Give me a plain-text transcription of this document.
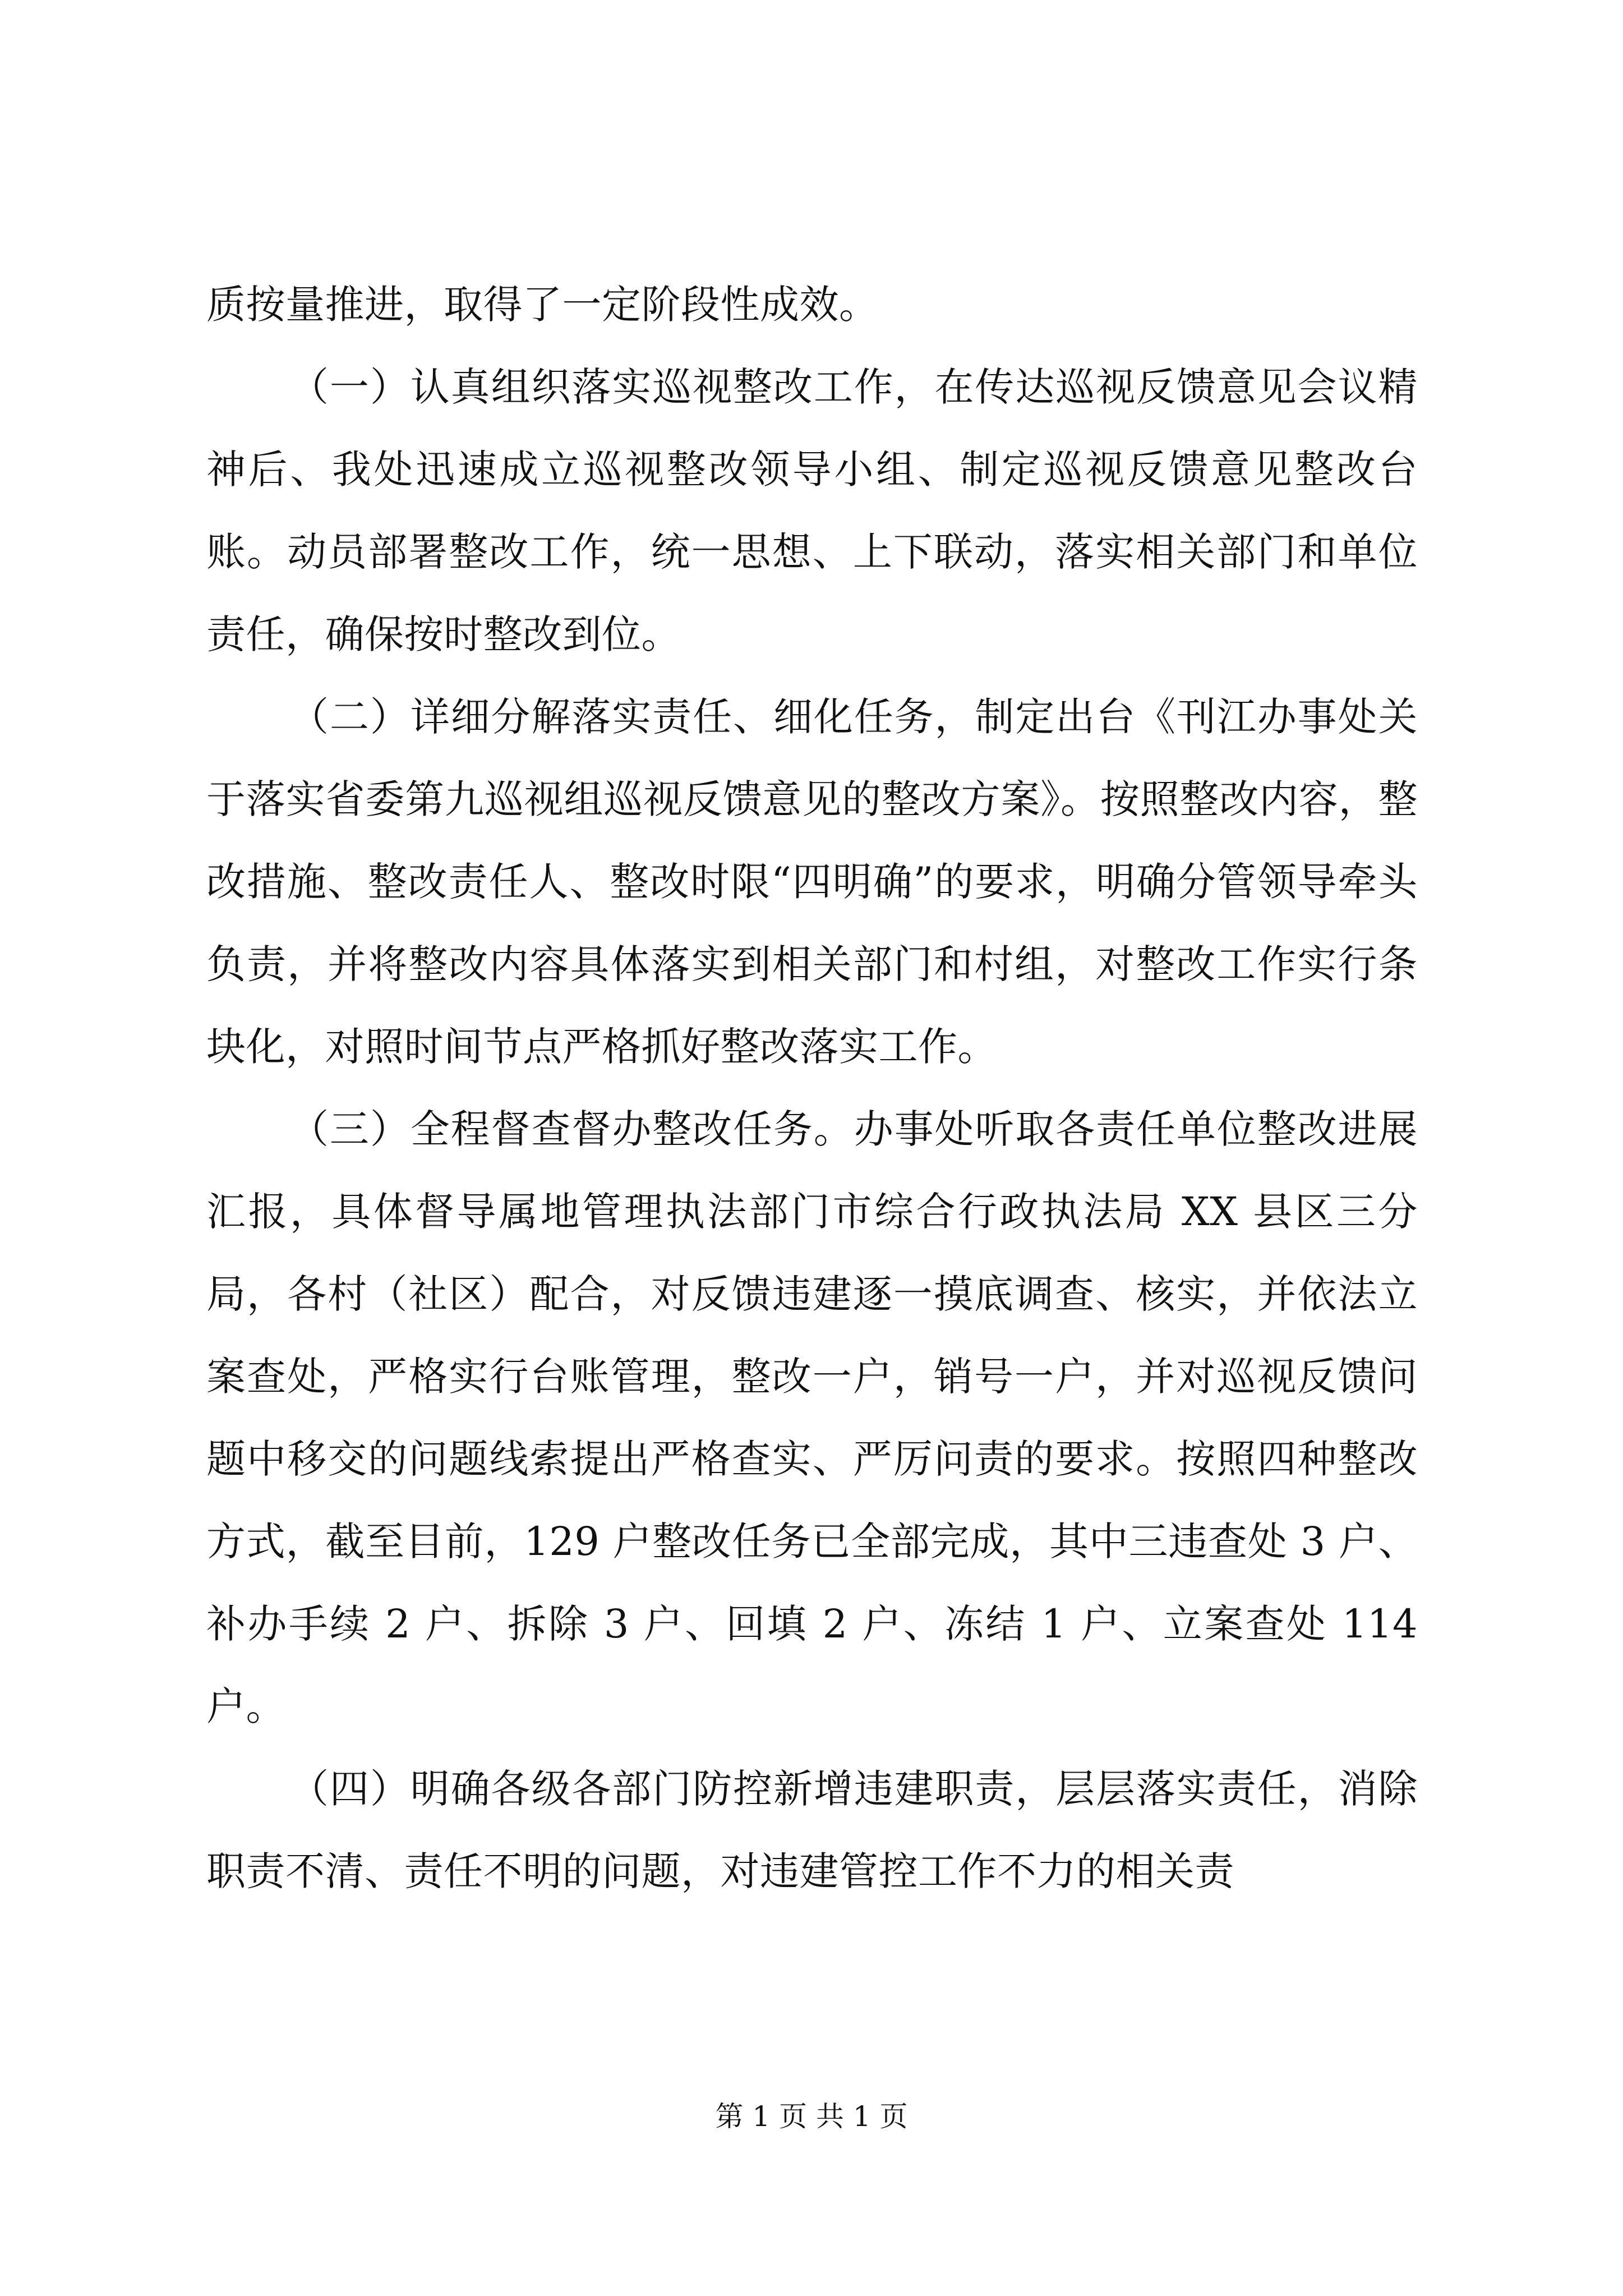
质按量推进，取得了一定阶段性成效。

（一）认真组织落实巡视整改工作，在传达巡视反馈意见会议精神后、我处迅速成立巡视整改领导小组、制定巡视反馈意见整改台账。动员部署整改工作，统一思想、上下联动，落实相关部门和单位责任，确保按时整改到位。

（二）详细分解落实责任、细化任务，制定出台《刊江办事处关于落实省委第九巡视组巡视反馈意见的整改方案》。按照整改内容，整改措施、整改责任人、整改时限“四明确”的要求，明确分管领导牵头负责，并将整改内容具体落实到相关部门和村组，对整改工作实行条块化，对照时间节点严格抓好整改落实工作。

（三）全程督查督办整改任务。办事处听取各责任单位整改进展汇报，具体督导属地管理执法部门市综合行政执法局 XX 县区三分局，各村（社区）配合，对反馈违建逐一摸底调查、核实，并依法立案查处，严格实行台账管理，整改一户，销号一户，并对巡视反馈问题中移交的问题线索提出严格查实、严厉问责的要求。按照四种整改方式，截至目前，129 户整改任务已全部完成，其中三违查处 3 户、补办手续 2 户、拆除 3 户、回填 2 户、冻结 1 户、立案查处 114 户。

（四）明确各级各部门防控新增违建职责，层层落实责任，消除职责不清、责任不明的问题，对违建管控工作不力的相关责

第 1 页 共 1 页
